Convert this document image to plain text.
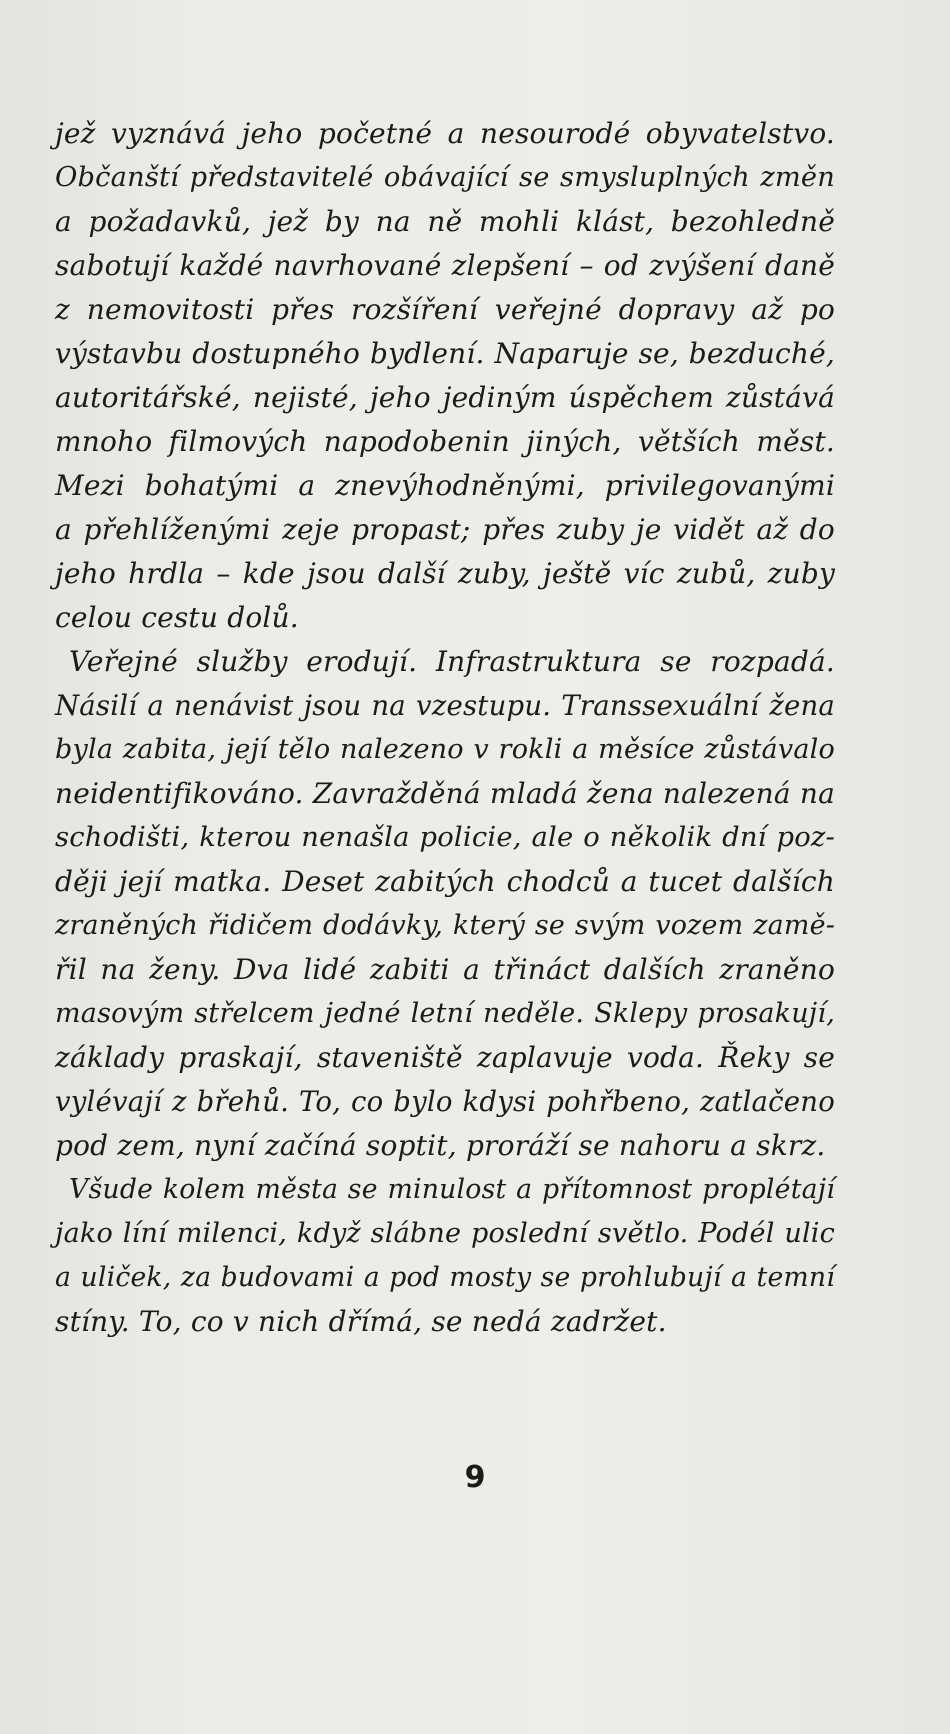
jež vyznává jeho početné a nesourodé obyvatelstvo.
Občanští představitelé obávající se smysluplných změn
a požadavků, jež by na ně mohli klást, bezohledně
sabotují každé navrhované zlepšení – od zvýšení daně
z nemovitosti přes rozšíření veřejné dopravy až po
výstavbu dostupného bydlení. Naparuje se, bezduché,
autoritářské, nejisté, jeho jediným úspěchem zůstává
mnoho filmových napodobenin jiných, větších měst.
Mezi bohatými a znevýhodněnými, privilegovanými
a přehlíženými zeje propast; přes zuby je vidět až do
jeho hrdla – kde jsou další zuby, ještě víc zubů, zuby
celou cestu dolů.
Veřejné služby erodují. Infrastruktura se rozpadá.
Násilí a nenávist jsou na vzestupu. Transsexuální žena
byla zabita, její tělo nalezeno v rokli a měsíce zůstávalo
neidentifikováno. Zavražděná mladá žena nalezená na
schodišti, kterou nenašla policie, ale o několik dní poz-
ději její matka. Deset zabitých chodců a tucet dalších
zraněných řidičem dodávky, který se svým vozem zamě-
řil na ženy. Dva lidé zabiti a třináct dalších zraněno
masovým střelcem jedné letní neděle. Sklepy prosakují,
základy praskají, staveniště zaplavuje voda. Řeky se
vylévají z břehů. To, co bylo kdysi pohřbeno, zatlačeno
pod zem, nyní začíná soptit, proráží se nahoru a skrz.
Všude kolem města se minulost a přítomnost proplétají
jako líní milenci, když slábne poslední světlo. Podél ulic
a uliček, za budovami a pod mosty se prohlubují a temní
stíny. To, co v nich dřímá, se nedá zadržet.
9
